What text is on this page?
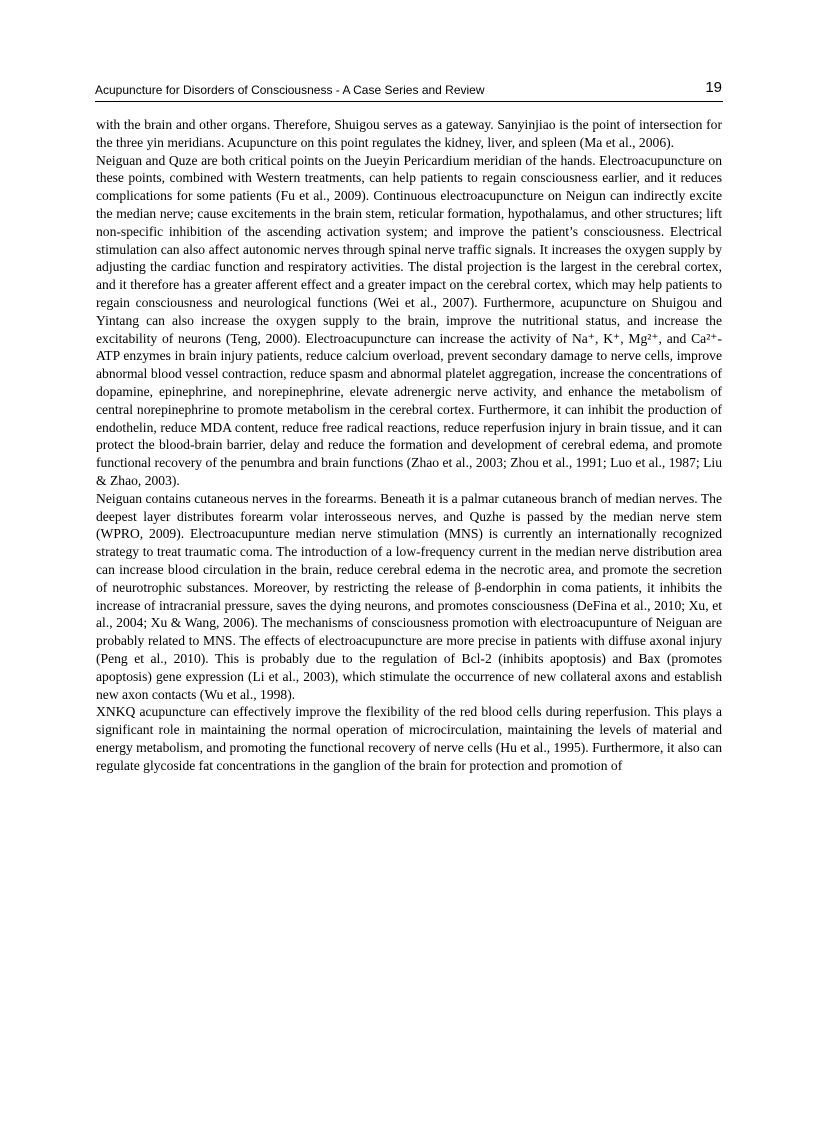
Acupuncture for Disorders of Consciousness - A Case Series and Review	19

with the brain and other organs. Therefore, Shuigou serves as a gateway. Sanyinjiao is the point of intersection for the three yin meridians. Acupuncture on this point regulates the kidney, liver, and spleen (Ma et al., 2006).

Neiguan and Quze are both critical points on the Jueyin Pericardium meridian of the hands. Electroacupuncture on these points, combined with Western treatments, can help patients to regain consciousness earlier, and it reduces complications for some patients (Fu et al., 2009). Continuous electroacupuncture on Neigun can indirectly excite the median nerve; cause excitements in the brain stem, reticular formation, hypothalamus, and other structures; lift non-specific inhibition of the ascending activation system; and improve the patient’s consciousness. Electrical stimulation can also affect autonomic nerves through spinal nerve traffic signals. It increases the oxygen supply by adjusting the cardiac function and respiratory activities. The distal projection is the largest in the cerebral cortex, and it therefore has a greater afferent effect and a greater impact on the cerebral cortex, which may help patients to regain consciousness and neurological functions (Wei et al., 2007). Furthermore, acupuncture on Shuigou and Yintang can also increase the oxygen supply to the brain, improve the nutritional status, and increase the excitability of neurons (Teng, 2000). Electroacupuncture can increase the activity of Na⁺, K⁺, Mg²⁺, and Ca²⁺-ATP enzymes in brain injury patients, reduce calcium overload, prevent secondary damage to nerve cells, improve abnormal blood vessel contraction, reduce spasm and abnormal platelet aggregation, increase the concentrations of dopamine, epinephrine, and norepinephrine, elevate adrenergic nerve activity, and enhance the metabolism of central norepinephrine to promote metabolism in the cerebral cortex. Furthermore, it can inhibit the production of endothelin, reduce MDA content, reduce free radical reactions, reduce reperfusion injury in brain tissue, and it can protect the blood-brain barrier, delay and reduce the formation and development of cerebral edema, and promote functional recovery of the penumbra and brain functions (Zhao et al., 2003; Zhou et al., 1991; Luo et al., 1987; Liu & Zhao, 2003).

Neiguan contains cutaneous nerves in the forearms. Beneath it is a palmar cutaneous branch of median nerves. The deepest layer distributes forearm volar interosseous nerves, and Quzhe is passed by the median nerve stem (WPRO, 2009). Electroacupunture median nerve stimulation (MNS) is currently an internationally recognized strategy to treat traumatic coma. The introduction of a low-frequency current in the median nerve distribution area can increase blood circulation in the brain, reduce cerebral edema in the necrotic area, and promote the secretion of neurotrophic substances. Moreover, by restricting the release of β-endorphin in coma patients, it inhibits the increase of intracranial pressure, saves the dying neurons, and promotes consciousness (DeFina et al., 2010; Xu, et al., 2004; Xu & Wang, 2006). The mechanisms of consciousness promotion with electroacupunture of Neiguan are probably related to MNS. The effects of electroacupuncture are more precise in patients with diffuse axonal injury (Peng et al., 2010). This is probably due to the regulation of Bcl-2 (inhibits apoptosis) and Bax (promotes apoptosis) gene expression (Li et al., 2003), which stimulate the occurrence of new collateral axons and establish new axon contacts (Wu et al., 1998).

XNKQ acupuncture can effectively improve the flexibility of the red blood cells during reperfusion. This plays a significant role in maintaining the normal operation of microcirculation, maintaining the levels of material and energy metabolism, and promoting the functional recovery of nerve cells (Hu et al., 1995). Furthermore, it also can regulate glycoside fat concentrations in the ganglion of the brain for protection and promotion of
